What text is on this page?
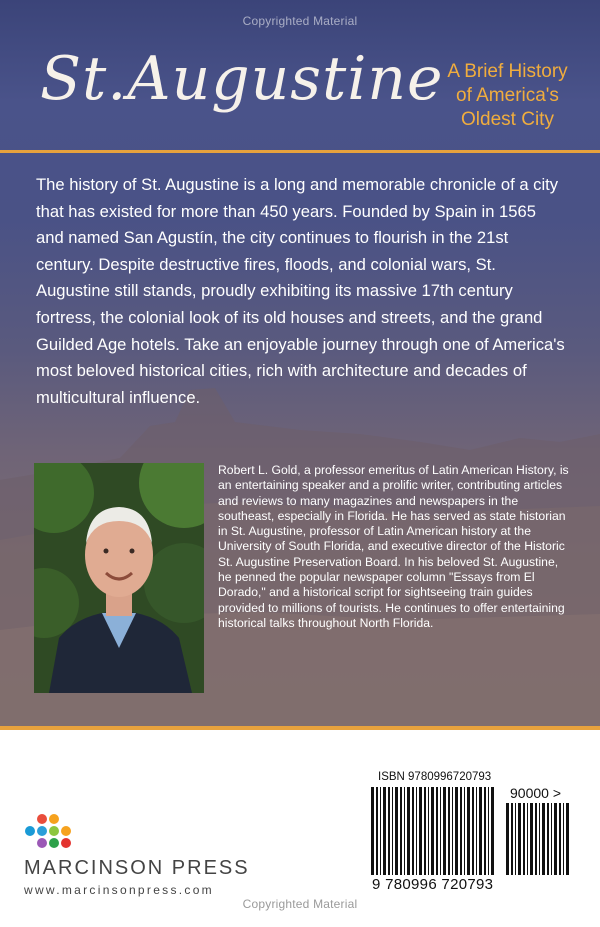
Copyrighted Material
St.Augustine A Brief History
of America's
Oldest City
The history of St. Augustine is a long and memorable chronicle of a city that has existed for more than 450 years. Founded by Spain in 1565 and named San Agustín, the city continues to flourish in the 21st century. Despite destructive fires, floods, and colonial wars, St. Augustine still stands, proudly exhibiting its massive 17th century fortress, the colonial look of its old houses and streets, and the grand Guilded Age hotels. Take an enjoyable journey through one of America's most beloved historical cities, rich with architecture and decades of multicultural influence.
Robert L. Gold, a professor emeritus of Latin American History, is an entertaining speaker and a prolific writer, contributing articles and reviews to many magazines and newspapers in the southeast, especially in Florida. He has served as state historian in St. Augustine, professor of Latin American history at the University of South Florida, and executive director of the Historic St. Augustine Preservation Board. In his beloved St. Augustine, he penned the popular newspaper column "Essays from El Dorado," and a historical script for sightseeing train guides provided to millions of tourists. He continues to offer entertaining historical talks throughout North Florida.
MARCINSON PRESS
www.marcinsonpress.com
ISBN 9780996720793
90000 >
9 780996 720793
Copyrighted Material
